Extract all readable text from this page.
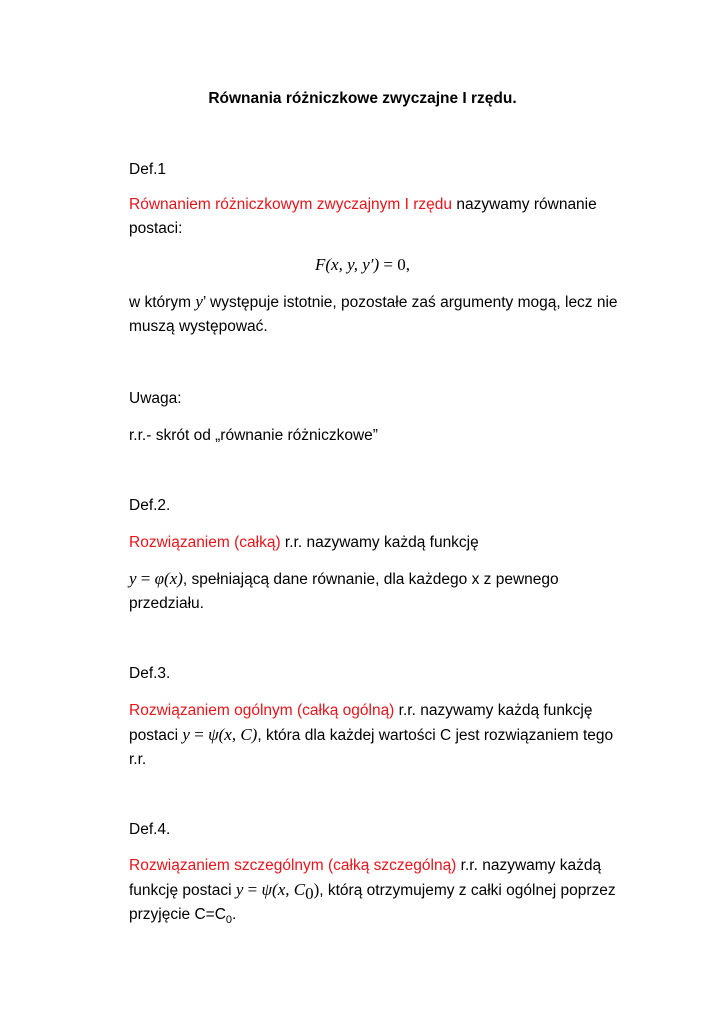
Równania różniczkowe zwyczajne I rzędu.
Def.1
Równaniem różniczkowym zwyczajnym I rzędu nazywamy równanie
postaci:
F(x, y, y′) = 0,
w którym y’ występuje istotnie, pozostałe zaś argumenty mogą, lecz nie
muszą występować.
Uwaga:
r.r.- skrót od „równanie różniczkowe”
Def.2.
Rozwiązaniem (całką) r.r. nazywamy każdą funkcję
y = φ(x), spełniającą dane równanie, dla każdego x z pewnego
przedziału.
Def.3.
Rozwiązaniem ogólnym (całką ogólną) r.r. nazywamy każdą funkcję
postaci y = ψ(x, C), która dla każdej wartości C jest rozwiązaniem tego
r.r.
Def.4.
Rozwiązaniem szczególnym (całką szczególną) r.r. nazywamy każdą
funkcję postaci y = ψ(x, $C_0$), którą otrzymujemy z całki ogólnej poprzez
przyjęcie $C=C_0$.
